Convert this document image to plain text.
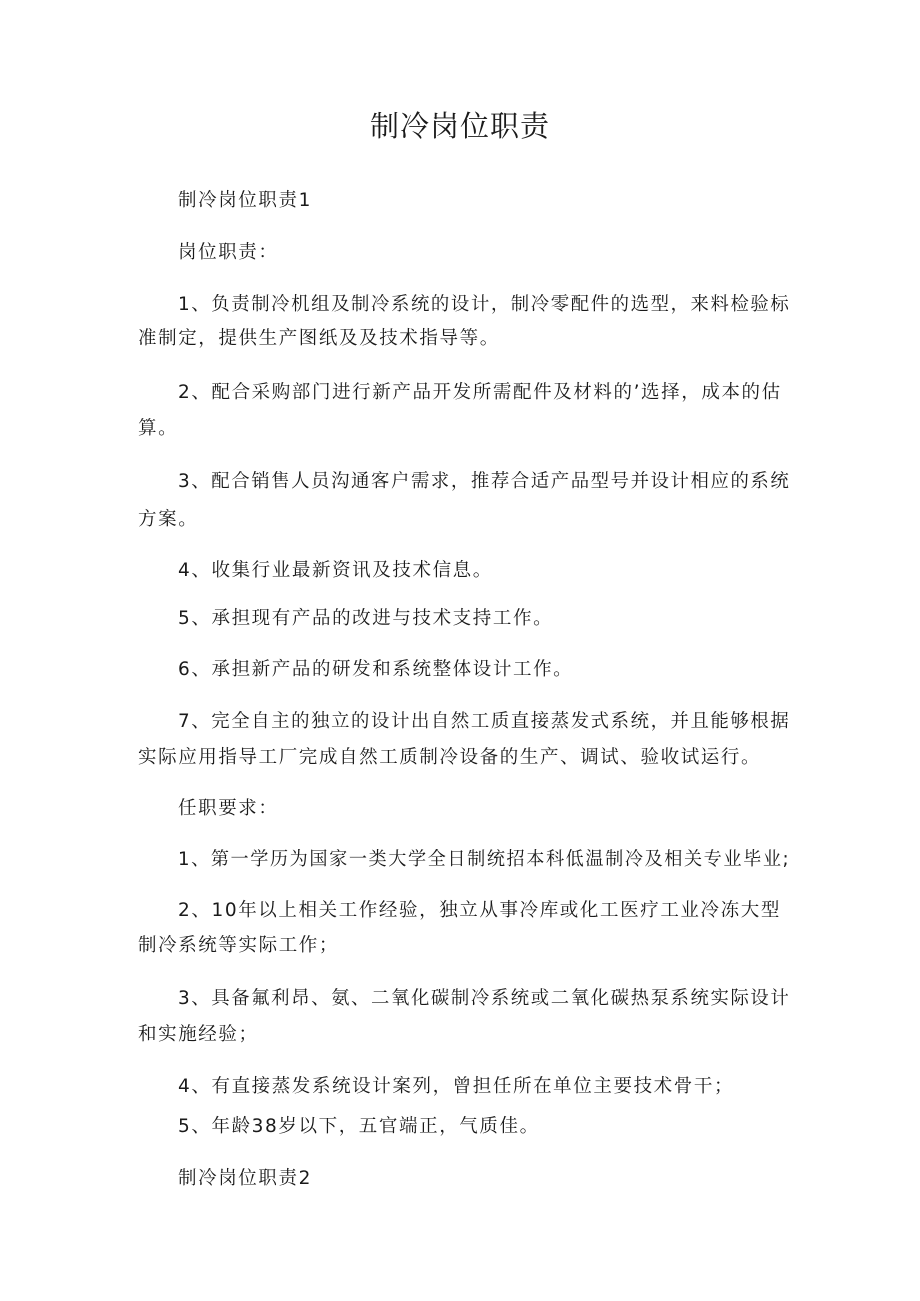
制冷岗位职责
制冷岗位职责1
岗位职责：
1、负责制冷机组及制冷系统的设计，制冷零配件的选型，来料检验标
准制定，提供生产图纸及及技术指导等。
2、配合采购部门进行新产品开发所需配件及材料的’选择，成本的估
算。
3、配合销售人员沟通客户需求，推荐合适产品型号并设计相应的系统
方案。
4、收集行业最新资讯及技术信息。
5、承担现有产品的改进与技术支持工作。
6、承担新产品的研发和系统整体设计工作。
7、完全自主的独立的设计出自然工质直接蒸发式系统，并且能够根据
实际应用指导工厂完成自然工质制冷设备的生产、调试、验收试运行。
任职要求：
1、第一学历为国家一类大学全日制统招本科低温制冷及相关专业毕业;
2、10年以上相关工作经验，独立从事冷库或化工医疗工业冷冻大型
制冷系统等实际工作；
3、具备氟利昂、氨、二氧化碳制冷系统或二氧化碳热泵系统实际设计
和实施经验；
4、有直接蒸发系统设计案列，曾担任所在单位主要技术骨干；
5、年龄38岁以下，五官端正，气质佳。
制冷岗位职责2
